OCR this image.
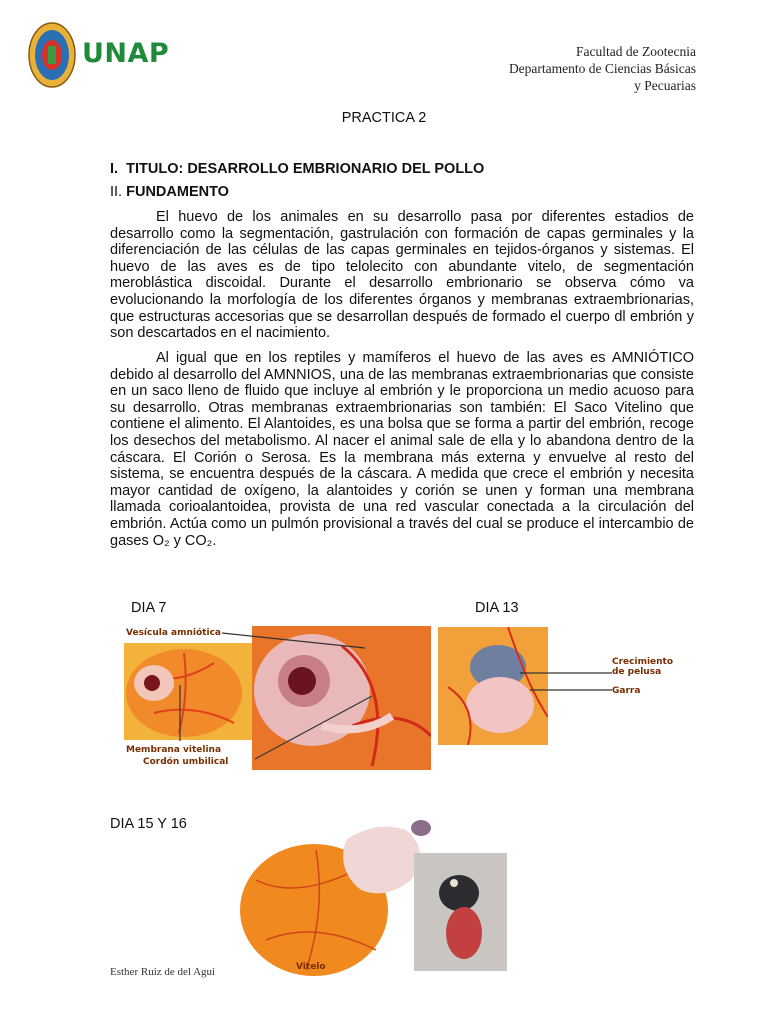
UNAP	Facultad de Zootecnia
Departamento de Ciencias Básicas
y Pecuarias
PRACTICA 2
I. TITULO: DESARROLLO EMBRIONARIO DEL POLLO
II. FUNDAMENTO
El huevo de los animales en su desarrollo pasa por diferentes estadios de desarrollo como la segmentación, gastrulación con formación de capas germinales y la diferenciación de las células de las capas germinales en tejidos-órganos y sistemas. El huevo de las aves es de tipo telolecito con abundante vitelo, de segmentación meroblástica discoidal. Durante el desarrollo embrionario se observa cómo va evolucionando la morfología de los diferentes órganos y membranas extraembrionarias, que estructuras accesorias que se desarrollan después de formado el cuerpo dl embrión y son descartados en el nacimiento.
Al igual que en los reptiles y mamíferos el huevo de las aves es AMNIÓTICO debido al desarrollo del AMNNIOS, una de las membranas extraembrionarias que consiste en un saco lleno de fluido que incluye al embrión y le proporciona un medio acuoso para su desarrollo. Otras membranas extraembrionarias son también: El Saco Vitelino que contiene el alimento. El Alantoides, es una bolsa que se forma a partir del embrión, recoge los desechos del metabolismo. Al nacer el animal sale de ella y lo abandona dentro de la cáscara. El Corión o Serosa. Es la membrana más externa y envuelve al resto del sistema, se encuentra después de la cáscara. A medida que crece el embrión y necesita mayor cantidad de oxígeno, la alantoides y corión se unen y forman una membrana llamada corioalantoidea, provista de una red vascular conectada a la circulación del embrión. Actúa como un pulmón provisional a través del cual se produce el intercambio de gases O₂ y CO₂.
DIA 7	DIA 13
DIA 15 Y 16
Vesícula amniótica
Membrana vitelina
Cordón umbilical
Crecimiento de pelusa
Garra
Vitelo
Esther Ruiz de del Agui
